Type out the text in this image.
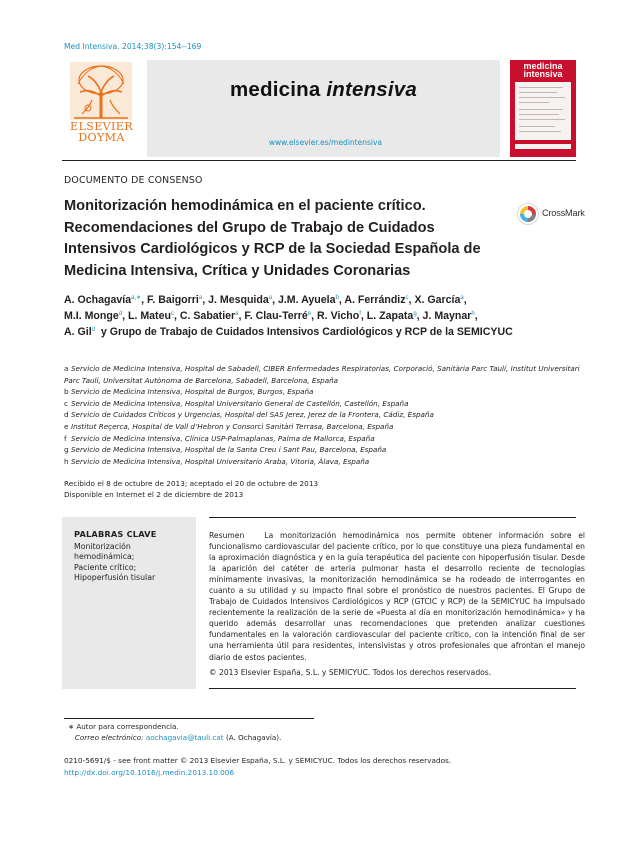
Med Intensiva. 2014;38(3):154--169
ELSEVIER
DOYMA
medicina intensiva
www.elsevier.es/medintensiva
medicina
intensiva
DOCUMENTO DE CONSENSO
Monitorización hemodinámica en el paciente crítico. Recomendaciones del Grupo de Trabajo de Cuidados Intensivos Cardiológicos y RCP de la Sociedad Española de Medicina Intensiva, Crítica y Unidades Coronarias
CrossMark
A. Ochagavía$^{a,∗}$, F. Baigorri$^a$, J. Mesquida$^a$, J.M. Ayuela$^b$, A. Ferrándiz$^c$, X. García$^a$,
M.I. Monge$^d$, L. Mateu$^c$, C. Sabatier$^a$, F. Clau-Terré$^e$, R. Vicho$^f$, L. Zapata$^g$, J. Maynar$^h$,
A. Gil$^d$ y Grupo de Trabajo de Cuidados Intensivos Cardiológicos y RCP de la SEMICYUC
a Servicio de Medicina Intensiva, Hospital de Sabadell, CIBER Enfermedades Respiratorias, Corporació, Sanitària Parc Taulí, Institut Universitari Parc Taulí, Universitat Autònoma de Barcelona, Sabadell, Barcelona, España
b Servicio de Medicina Intensiva, Hospital de Burgos, Burgos, España
c Servicio de Medicina Intensiva, Hospital Universitario General de Castellón, Castellón, España
d Servicio de Cuidados Críticos y Urgencias, Hospital del SAS Jerez, Jerez de la Frontera, Cádiz, España
e Institut Reçerca, Hospital de Vall d’Hebron y Consorci Sanitàri Terrasa, Barcelona, España
f Servicio de Medicina Intensiva, Clínica USP-Palmaplanas, Palma de Mallorca, España
g Servicio de Medicina Intensiva, Hospital de la Santa Creu i Sant Pau, Barcelona, España
h Servicio de Medicina Intensiva, Hospital Universitario Araba, Vitoria, Álava, España
Recibido el 8 de octubre de 2013; aceptado el 20 de octubre de 2013
Disponible en Internet el 2 de diciembre de 2013
PALABRAS CLAVE
Monitorización
hemodinámica;
Paciente crítico;
Hipoperfusión tisular
Resumen	La monitorización hemodinámica nos permite obtener información sobre el funcionalismo cardiovascular del paciente crítico, por lo que constituye una pieza fundamental en la aproximación diagnóstica y en la guía terapéutica del paciente con hipoperfusión tisular. Desde la aparición del catéter de arteria pulmonar hasta el desarrollo reciente de tecnologías mínimamente invasivas, la monitorización hemodinámica se ha rodeado de interrogantes en cuanto a su utilidad y su impacto final sobre el pronóstico de nuestros pacientes. El Grupo de Trabajo de Cuidados Intensivos Cardiológicos y RCP (GTCIC y RCP) de la SEMICYUC ha impulsado recientemente la realización de la serie de «Puesta al día en monitorización hemodinámica» y ha querido además desarrollar unas recomendaciones que pretenden analizar cuestiones fundamentales en la valoración cardiovascular del paciente crítico, con la intención final de ser una herramienta útil para residentes, intensivistas y otros profesionales que afrontan el manejo diario de estos pacientes.
© 2013 Elsevier España, S.L. y SEMICYUC. Todos los derechos reservados.
∗ Autor para correspondencia.
Correo electrónico: aochagavia@tauli.cat (A. Ochagavía).
0210-5691/$ - see front matter © 2013 Elsevier España, S.L. y SEMICYUC. Todos los derechos reservados.
http://dx.doi.org/10.1016/j.medin.2013.10.006
